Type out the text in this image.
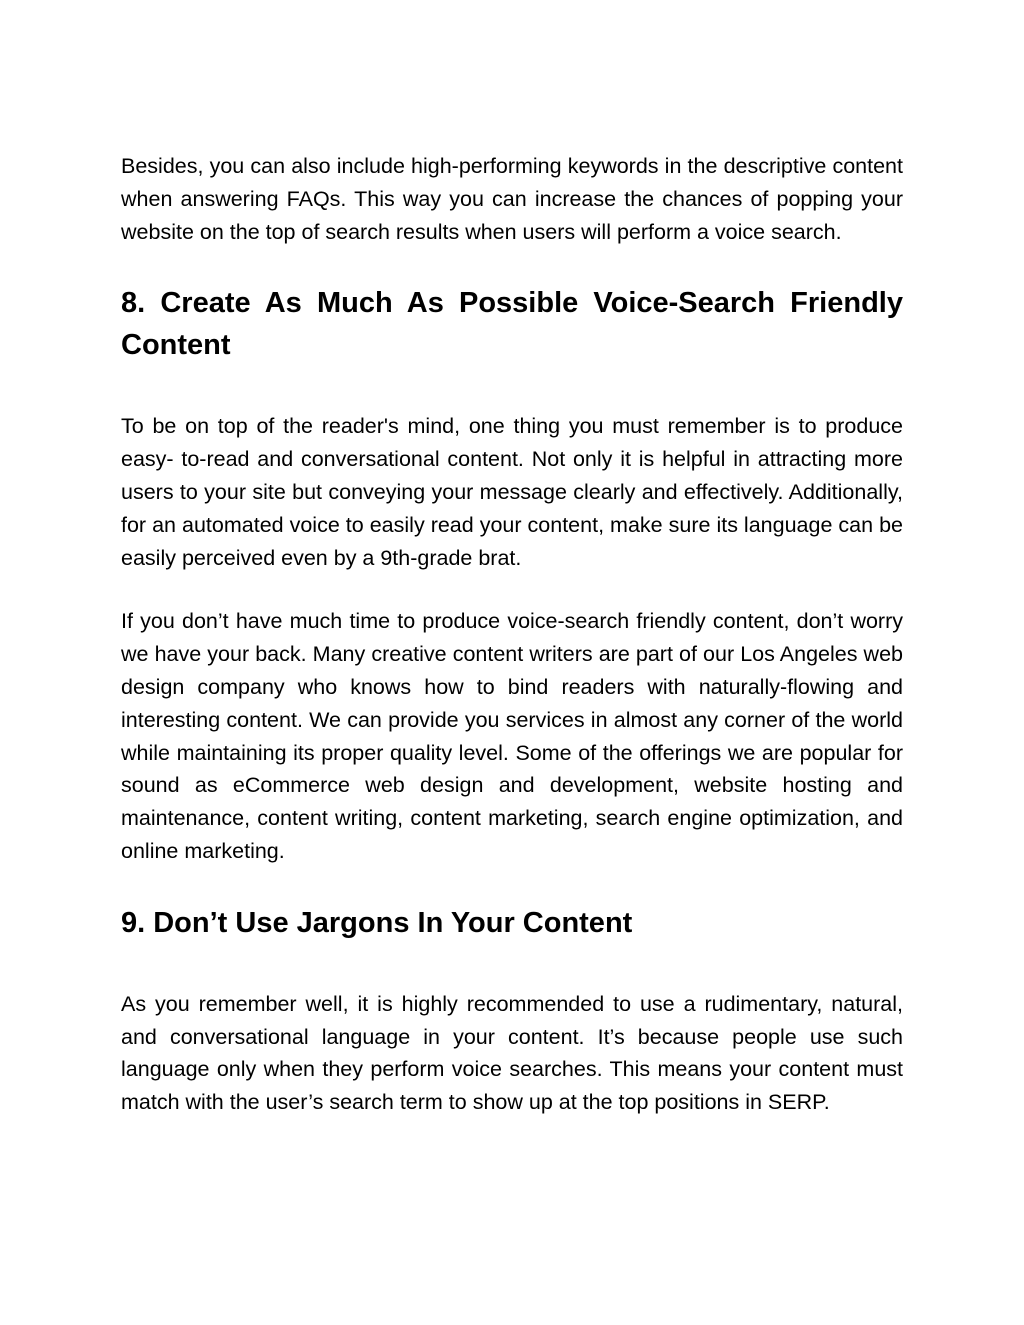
Besides, you can also include high-performing keywords in the descriptive content when answering FAQs. This way you can increase the chances of popping your website on the top of search results when users will perform a voice search.

8. Create As Much As Possible Voice-Search Friendly Content

To be on top of the reader's mind, one thing you must remember is to produce easy- to-read and conversational content. Not only it is helpful in attracting more users to your site but conveying your message clearly and effectively. Additionally, for an automated voice to easily read your content, make sure its language can be easily perceived even by a 9th-grade brat.

If you don’t have much time to produce voice-search friendly content, don’t worry we have your back. Many creative content writers are part of our Los Angeles web design company who knows how to bind readers with naturally-flowing and interesting content. We can provide you services in almost any corner of the world while maintaining its proper quality level. Some of the offerings we are popular for sound as eCommerce web design and development, website hosting and maintenance, content writing, content marketing, search engine optimization, and online marketing.

9. Don’t Use Jargons In Your Content

As you remember well, it is highly recommended to use a rudimentary, natural, and conversational language in your content. It’s because people use such language only when they perform voice searches. This means your content must match with the user’s search term to show up at the top positions in SERP.
